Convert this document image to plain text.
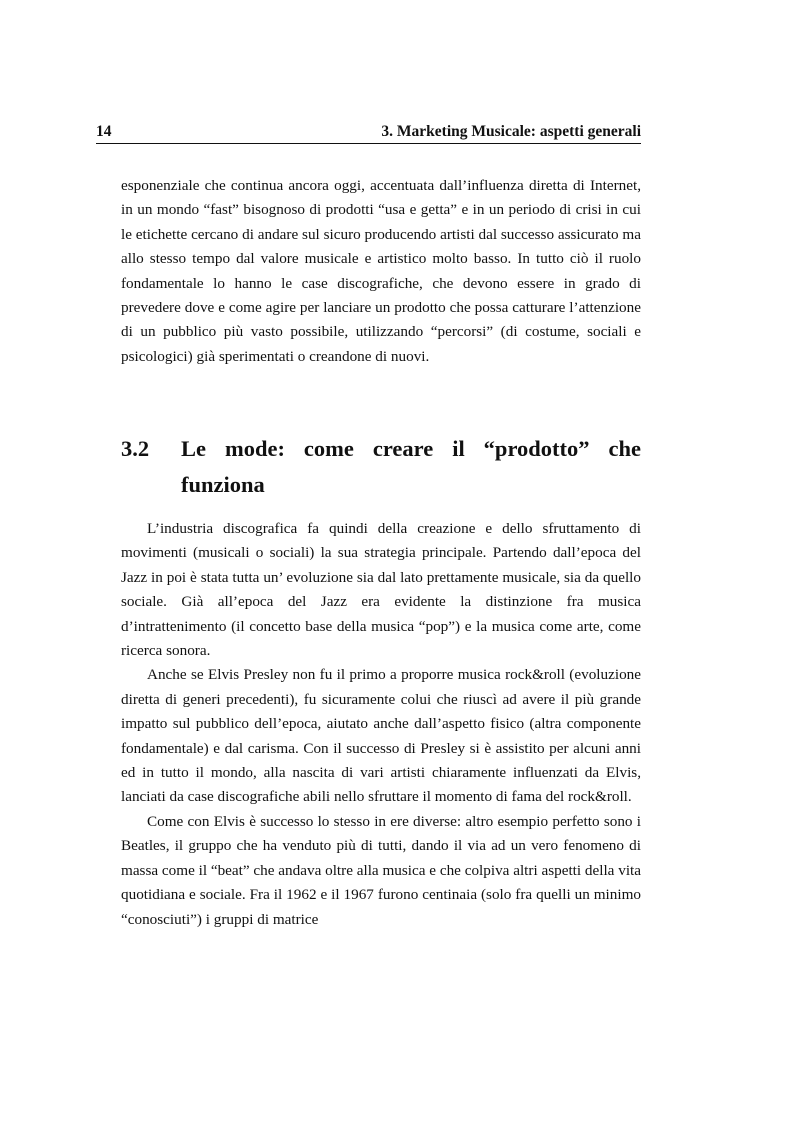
14	3. Marketing Musicale: aspetti generali

esponenziale che continua ancora oggi, accentuata dall’influenza diretta di Internet, in un mondo “fast” bisognoso di prodotti “usa e getta” e in un periodo di crisi in cui le etichette cercano di andare sul sicuro producendo artisti dal successo assicurato ma allo stesso tempo dal valore musicale e artistico molto basso. In tutto ciò il ruolo fondamentale lo hanno le case discografiche, che devono essere in grado di prevedere dove e come agire per lanciare un prodotto che possa catturare l’attenzione di un pubblico più vasto possibile, utilizzando “percorsi” (di costume, sociali e psicologici) già sperimentati o creandone di nuovi.

3.2 Le mode: come creare il “prodotto” che funziona

L’industria discografica fa quindi della creazione e dello sfruttamento di movimenti (musicali o sociali) la sua strategia principale. Partendo dall’epoca del Jazz in poi è stata tutta un’ evoluzione sia dal lato prettamente musicale, sia da quello sociale. Già all’epoca del Jazz era evidente la distinzione fra musica d’intrattenimento (il concetto base della musica “pop”) e la musica come arte, come ricerca sonora.

Anche se Elvis Presley non fu il primo a proporre musica rock&roll (evoluzione diretta di generi precedenti), fu sicuramente colui che riuscì ad avere il più grande impatto sul pubblico dell’epoca, aiutato anche dall’aspetto fisico (altra componente fondamentale) e dal carisma. Con il successo di Presley si è assistito per alcuni anni ed in tutto il mondo, alla nascita di vari artisti chiaramente influenzati da Elvis, lanciati da case discografiche abili nello sfruttare il momento di fama del rock&roll.

Come con Elvis è successo lo stesso in ere diverse: altro esempio perfetto sono i Beatles, il gruppo che ha venduto più di tutti, dando il via ad un vero fenomeno di massa come il “beat” che andava oltre alla musica e che colpiva altri aspetti della vita quotidiana e sociale. Fra il 1962 e il 1967 furono centinaia (solo fra quelli un minimo “conosciuti”) i gruppi di matrice
